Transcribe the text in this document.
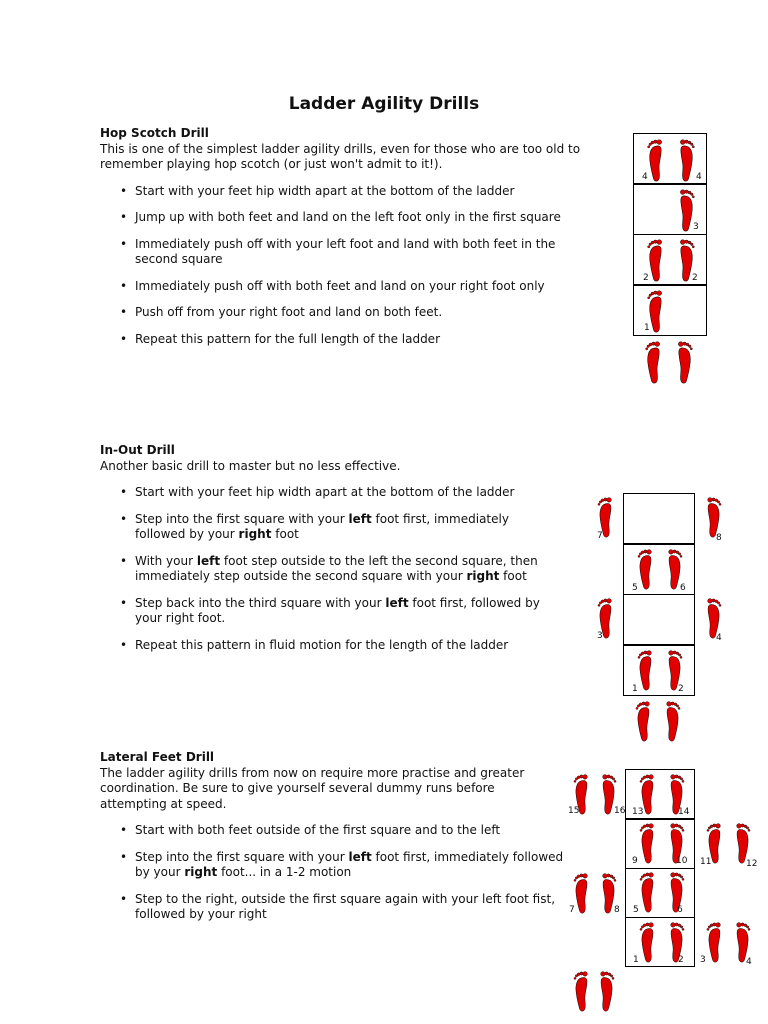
Ladder Agility Drills
Hop Scotch Drill
This is one of the simplest ladder agility drills, even for those who are too old to remember playing hop scotch (or just won't admit to it!).
• Start with your feet hip width apart at the bottom of the ladder
• Jump up with both feet and land on the left foot only in the first square
• Immediately push off with your left foot and land with both feet in the second square
• Immediately push off with both feet and land on your right foot only
• Push off from your right foot and land on both feet.
• Repeat this pattern for the full length of the ladder
4	4
3
2	2
1
In-Out Drill
Another basic drill to master but no less effective.
• Start with your feet hip width apart at the bottom of the ladder
• Step into the first square with your left foot first, immediately followed by your right foot
• With your left foot step outside to the left the second square, then immediately step outside the second square with your right foot
• Step back into the third square with your left foot first, followed by your right foot.
• Repeat this pattern in fluid motion for the length of the ladder
7	8
5	6
3	4
1	2
Lateral Feet Drill
The ladder agility drills from now on require more practise and greater coordination. Be sure to give yourself several dummy runs before attempting at speed.
• Start with both feet outside of the first square and to the left
• Step into the first square with your left foot first, immediately followed by your right foot... in a 1-2 motion
• Step to the right, outside the first square again with your left foot fist, followed by your right
15	16 13	14
9	10 11	12
7	8 5	6
1	2 3	4
